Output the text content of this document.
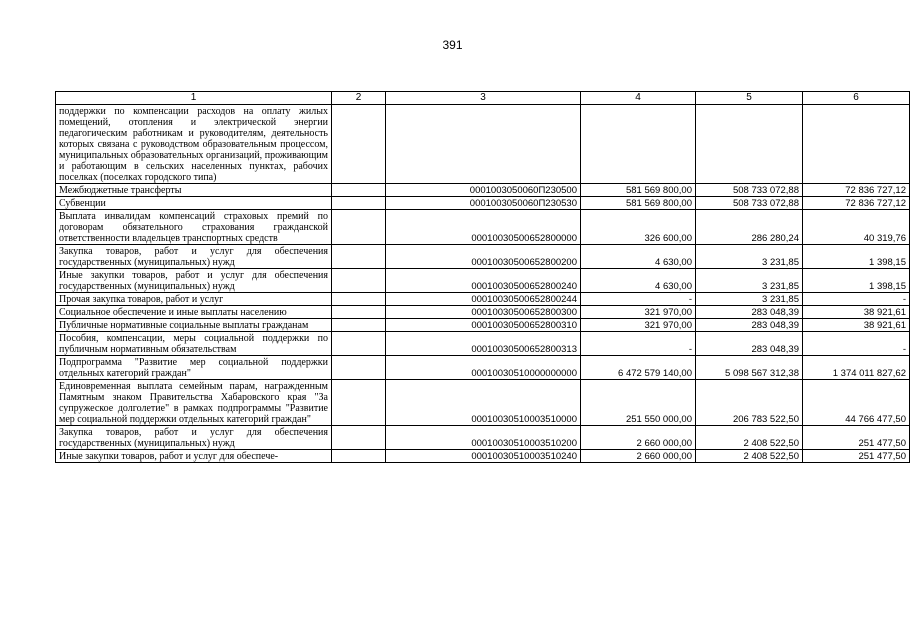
391
1	2	3	4	5	6
поддержки по компенсации расходов на оплату жилых помещений, отопления и электрической энергии педагогическим работникам и руководителям, деятельность которых связана с руководством образовательным процессом, муниципальных образовательных организаций, проживающим и работающим в сельских населенных пунктах, рабочих поселках (поселках городского типа)					
Межбюджетные трансферты		0001003050060П230500	581 569 800,00	508 733 072,88	72 836 727,12
Субвенции		0001003050060П230530	581 569 800,00	508 733 072,88	72 836 727,12
Выплата инвалидам компенсаций страховых премий по договорам обязательного страхования гражданской ответственности владельцев транспортных средств		00010030500652800000	326 600,00	286 280,24	40 319,76
Закупка товаров, работ и услуг для обеспечения государственных (муниципальных) нужд		00010030500652800200	4 630,00	3 231,85	1 398,15
Иные закупки товаров, работ и услуг для обеспечения государственных (муниципальных) нужд		00010030500652800240	4 630,00	3 231,85	1 398,15
Прочая закупка товаров, работ и услуг		00010030500652800244	-	3 231,85	-
Социальное обеспечение и иные выплаты населению		00010030500652800300	321 970,00	283 048,39	38 921,61
Публичные нормативные социальные выплаты гражданам		00010030500652800310	321 970,00	283 048,39	38 921,61
Пособия, компенсации, меры социальной поддержки по публичным нормативным обязательствам		00010030500652800313	-	283 048,39	-
Подпрограмма "Развитие мер социальной поддержки отдельных категорий граждан"		00010030510000000000	6 472 579 140,00	5 098 567 312,38	1 374 011 827,62
Единовременная выплата семейным парам, награжденным Памятным знаком Правительства Хабаровского края "За супружеское долголетие" в рамках подпрограммы "Развитие мер социальной поддержки отдельных категорий граждан"		00010030510003510000	251 550 000,00	206 783 522,50	44 766 477,50
Закупка товаров, работ и услуг для обеспечения государственных (муниципальных) нужд		00010030510003510200	2 660 000,00	2 408 522,50	251 477,50
Иные закупки товаров, работ и услуг для обеспече-		00010030510003510240	2 660 000,00	2 408 522,50	251 477,50
